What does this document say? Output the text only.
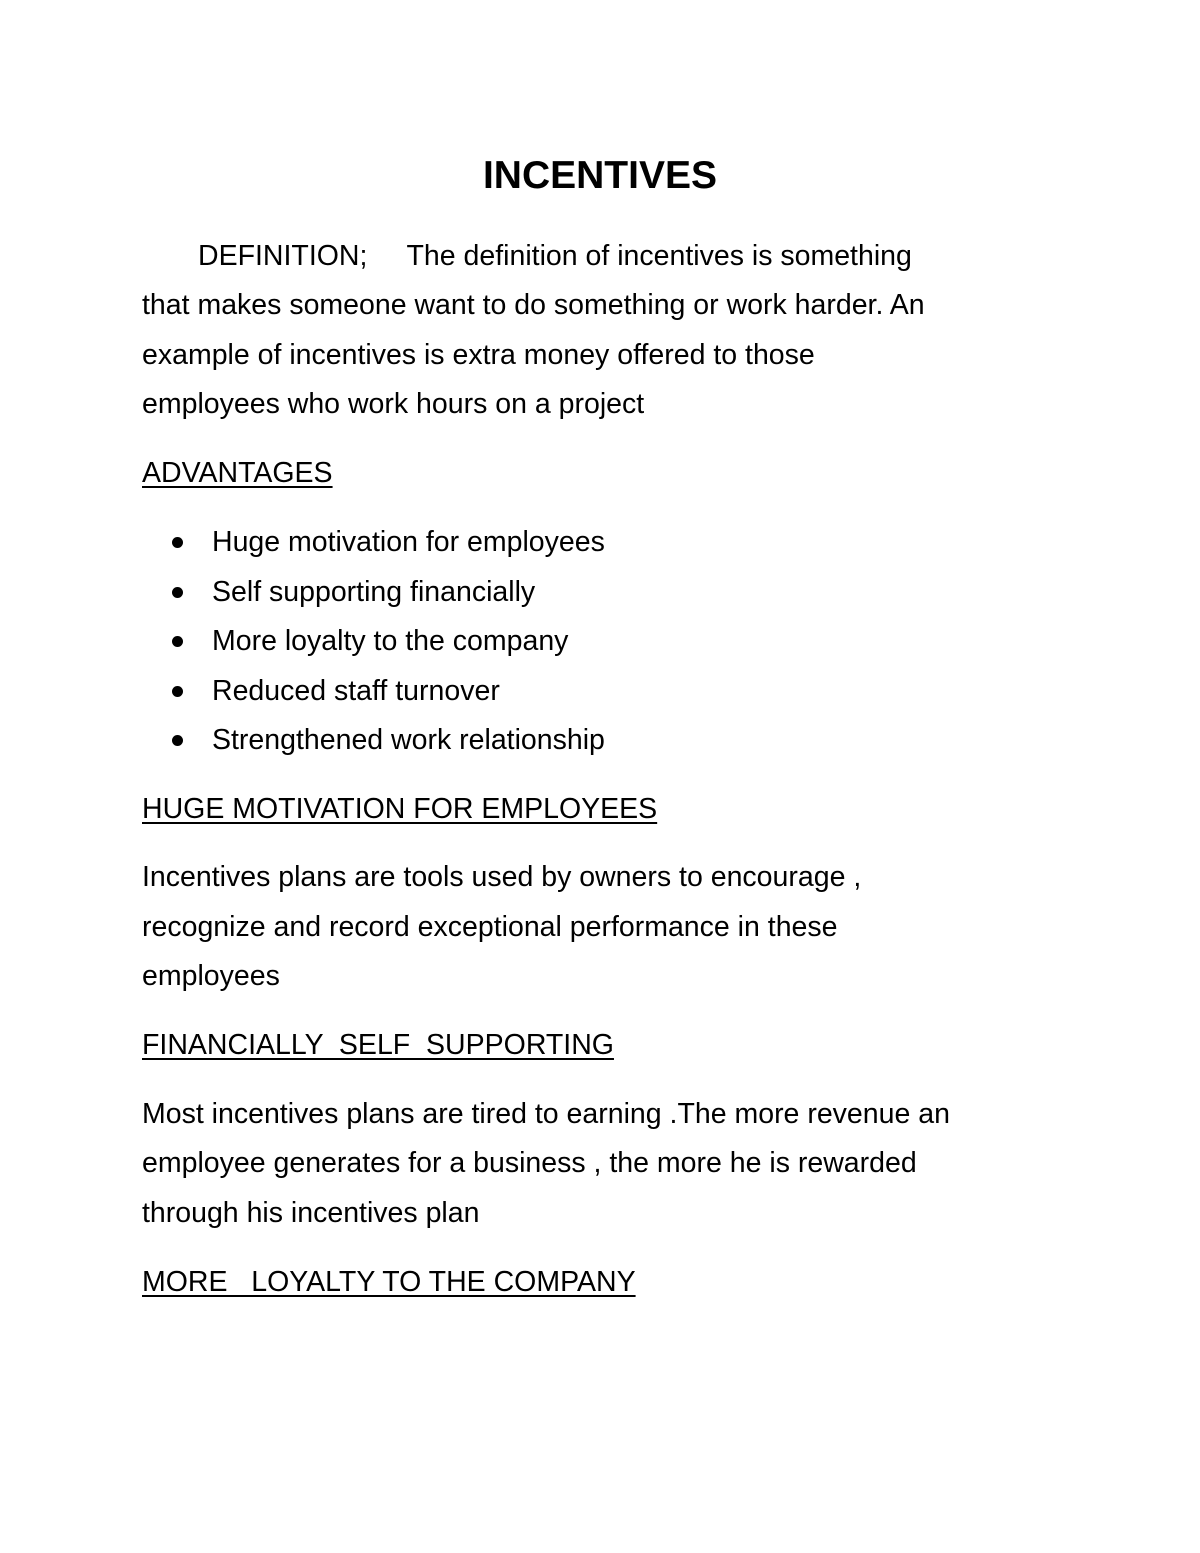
INCENTIVES
DEFINITION; The definition of incentives is something
that makes someone want to do something or work harder. An
example of incentives is extra money offered to those
employees who work hours on a project
ADVANTAGES

Huge motivation for employees

Self supporting financially

More loyalty to the company

Reduced staff turnover

Strengthened work relationship

HUGE MOTIVATION FOR EMPLOYEES
Incentives plans are tools used by owners to encourage ,
recognize and record exceptional performance in these
employees
FINANCIALLY  SELF  SUPPORTING
Most incentives plans are tired to earning .The more revenue an
employee generates for a business , the more he is rewarded
through his incentives plan
MORE   LOYALTY TO THE COMPANY
